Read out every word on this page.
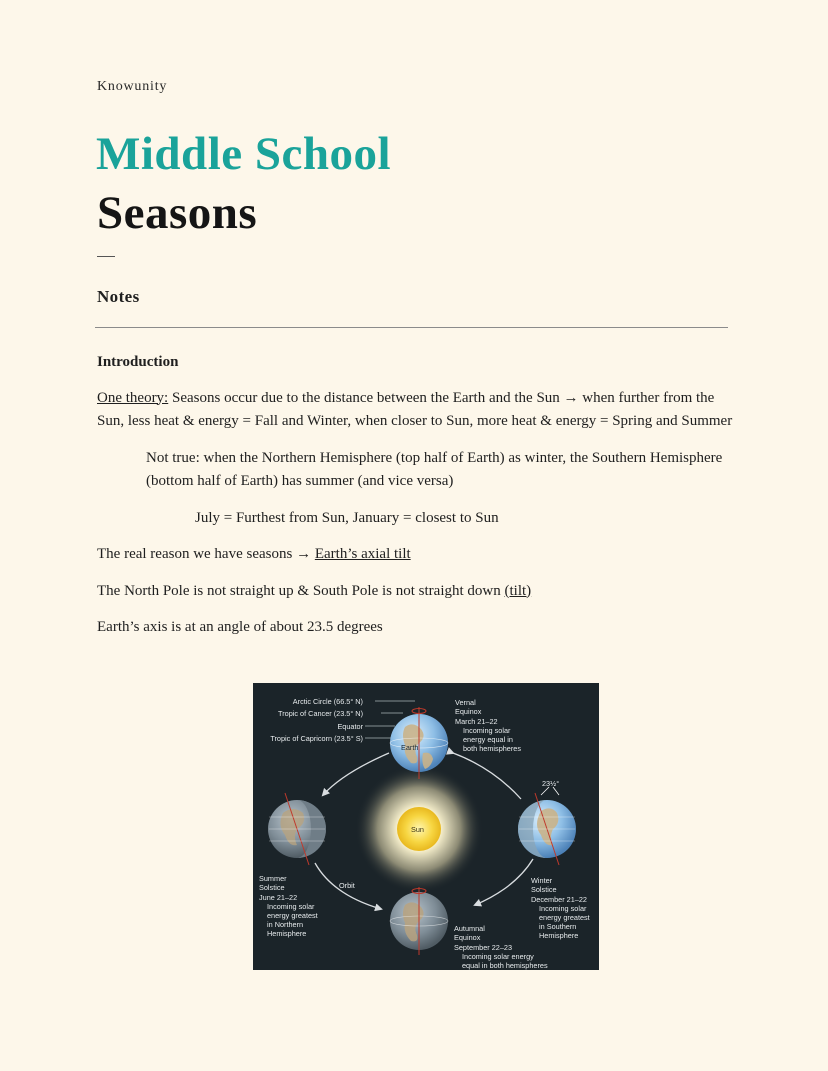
Knowunity
Middle School
Seasons
Notes

Introduction

One theory: Seasons occur due to the distance between the Earth and the Sun → when further from the Sun, less heat & energy = Fall and Winter, when closer to Sun, more heat & energy = Spring and Summer

Not true: when the Northern Hemisphere (top half of Earth) as winter, the Southern Hemisphere (bottom half of Earth) has summer (and vice versa)

July = Furthest from Sun, January = closest to Sun

The real reason we have seasons → Earth’s axial tilt

The North Pole is not straight up & South Pole is not straight down (tilt)

Earth’s axis is at an angle of about 23.5 degrees

Arctic Circle (66.5° N)
Tropic of Cancer (23.5° N)
Equator
Tropic of Capricorn (23.5° S)
Earth

Vernal
Equinox
March 21–22

Incoming solar
energy equal in
both hemispheres

Sun
23½°

Summer
Solstice
June 21–22

Incoming solar
energy greatest
in Northern
Hemisphere

Orbit

Winter
Solstice
December 21–22

Incoming solar
energy greatest
in Southern
Hemisphere

Autumnal
Equinox
September 22–23

Incoming solar energy
equal in both hemispheres
